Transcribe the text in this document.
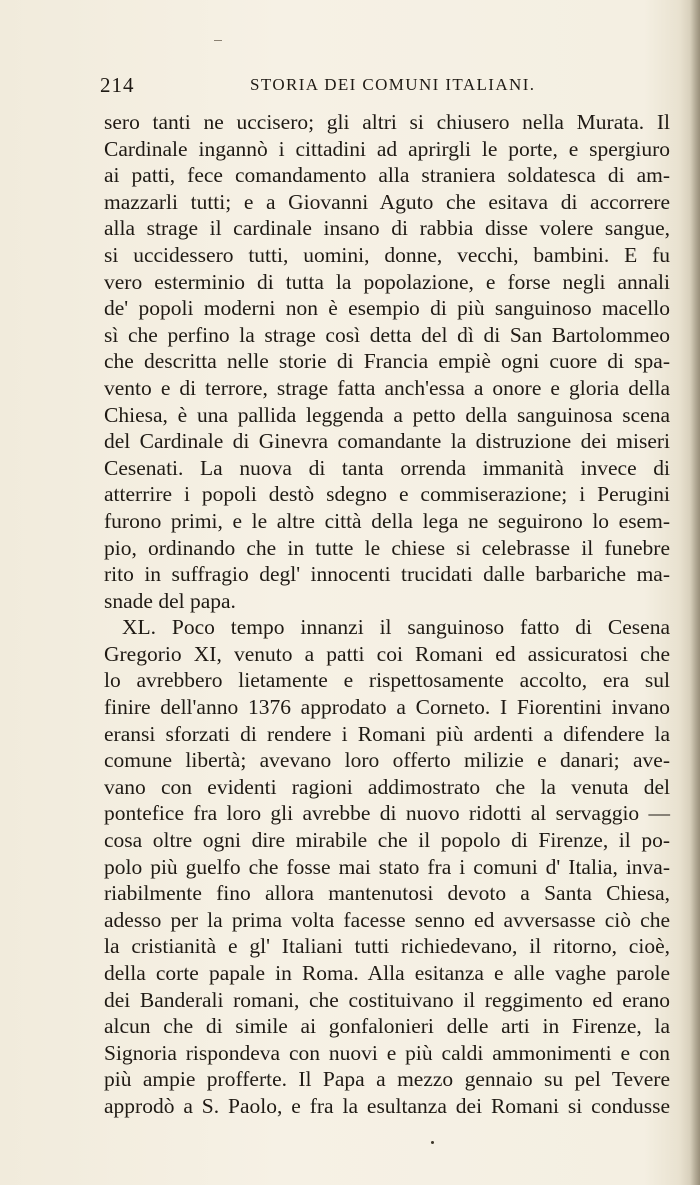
214	STORIA DEI COMUNI ITALIANI.
sero tanti ne uccisero; gli altri si chiusero nella Murata. Il
Cardinale ingannò i cittadini ad aprirgli le porte, e spergiuro
ai patti, fece comandamento alla straniera soldatesca di am-
mazzarli tutti; e a Giovanni Aguto che esitava di accorrere
alla strage il cardinale insano di rabbia disse volere sangue,
si uccidessero tutti, uomini, donne, vecchi, bambini. E fu
vero esterminio di tutta la popolazione, e forse negli annali
de' popoli moderni non è esempio di più sanguinoso macello
sì che perfino la strage così detta del dì di San Bartolommeo
che descritta nelle storie di Francia empiè ogni cuore di spa-
vento e di terrore, strage fatta anch'essa a onore e gloria della
Chiesa, è una pallida leggenda a petto della sanguinosa scena
del Cardinale di Ginevra comandante la distruzione dei miseri
Cesenati. La nuova di tanta orrenda immanità invece di
atterrire i popoli destò sdegno e commiserazione; i Perugini
furono primi, e le altre città della lega ne seguirono lo esem-
pio, ordinando che in tutte le chiese si celebrasse il funebre
rito in suffragio degl' innocenti trucidati dalle barbariche ma-
snade del papa.
XL. Poco tempo innanzi il sanguinoso fatto di Cesena
Gregorio XI, venuto a patti coi Romani ed assicuratosi che
lo avrebbero lietamente e rispettosamente accolto, era sul
finire dell'anno 1376 approdato a Corneto. I Fiorentini invano
eransi sforzati di rendere i Romani più ardenti a difendere la
comune libertà; avevano loro offerto milizie e danari; ave-
vano con evidenti ragioni addimostrato che la venuta del
pontefice fra loro gli avrebbe di nuovo ridotti al servaggio —
cosa oltre ogni dire mirabile che il popolo di Firenze, il po-
polo più guelfo che fosse mai stato fra i comuni d' Italia, inva-
riabilmente fino allora mantenutosi devoto a Santa Chiesa,
adesso per la prima volta facesse senno ed avversasse ciò che
la cristianità e gl' Italiani tutti richiedevano, il ritorno, cioè,
della corte papale in Roma. Alla esitanza e alle vaghe parole
dei Banderali romani, che costituivano il reggimento ed erano
alcun che di simile ai gonfalonieri delle arti in Firenze, la
Signoria rispondeva con nuovi e più caldi ammonimenti e con
più ampie profferte. Il Papa a mezzo gennaio su pel Tevere
approdò a S. Paolo, e fra la esultanza dei Romani si condusse
